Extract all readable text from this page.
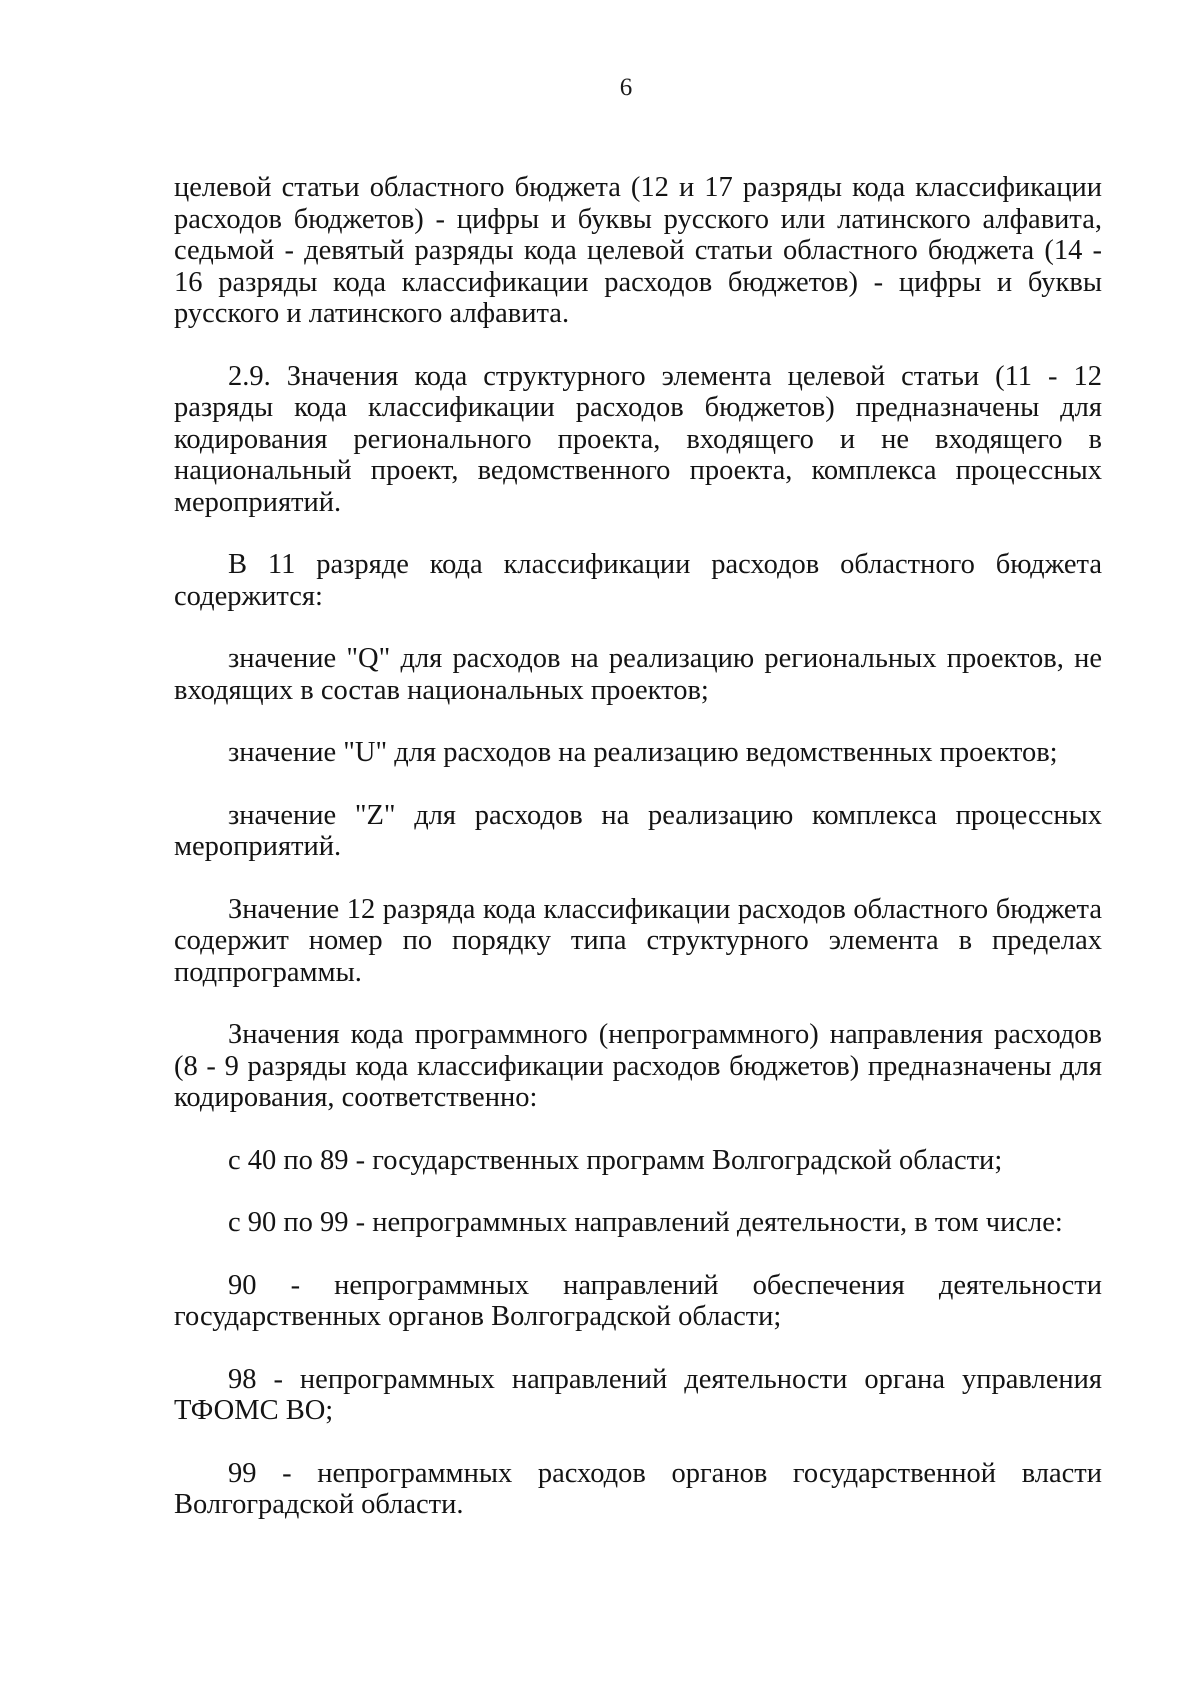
6

целевой статьи областного бюджета (12 и 17 разряды кода классификации расходов бюджетов) - цифры и буквы русского или латинского алфавита, седьмой - девятый разряды кода целевой статьи областного бюджета (14 - 16 разряды кода классификации расходов бюджетов) - цифры и буквы русского и латинского алфавита.

2.9. Значения кода структурного элемента целевой статьи (11 - 12 разряды кода классификации расходов бюджетов) предназначены для кодирования регионального проекта, входящего и не входящего в национальный проект, ведомственного проекта, комплекса процессных мероприятий.

В 11 разряде кода классификации расходов областного бюджета содержится:

значение "Q" для расходов на реализацию региональных проектов, не входящих в состав национальных проектов;

значение "U" для расходов на реализацию ведомственных проектов;

значение "Z" для расходов на реализацию комплекса процессных мероприятий.

Значение 12 разряда кода классификации расходов областного бюджета содержит номер по порядку типа структурного элемента в пределах подпрограммы.

Значения кода программного (непрограммного) направления расходов (8 - 9 разряды кода классификации расходов бюджетов) предназначены для кодирования, соответственно:

с 40 по 89 - государственных программ Волгоградской области;

с 90 по 99 - непрограммных направлений деятельности, в том числе:

90 - непрограммных направлений обеспечения деятельности государственных органов Волгоградской области;

98 - непрограммных направлений деятельности органа управления ТФОМС ВО;

99 - непрограммных расходов органов государственной власти Волгоградской области.
